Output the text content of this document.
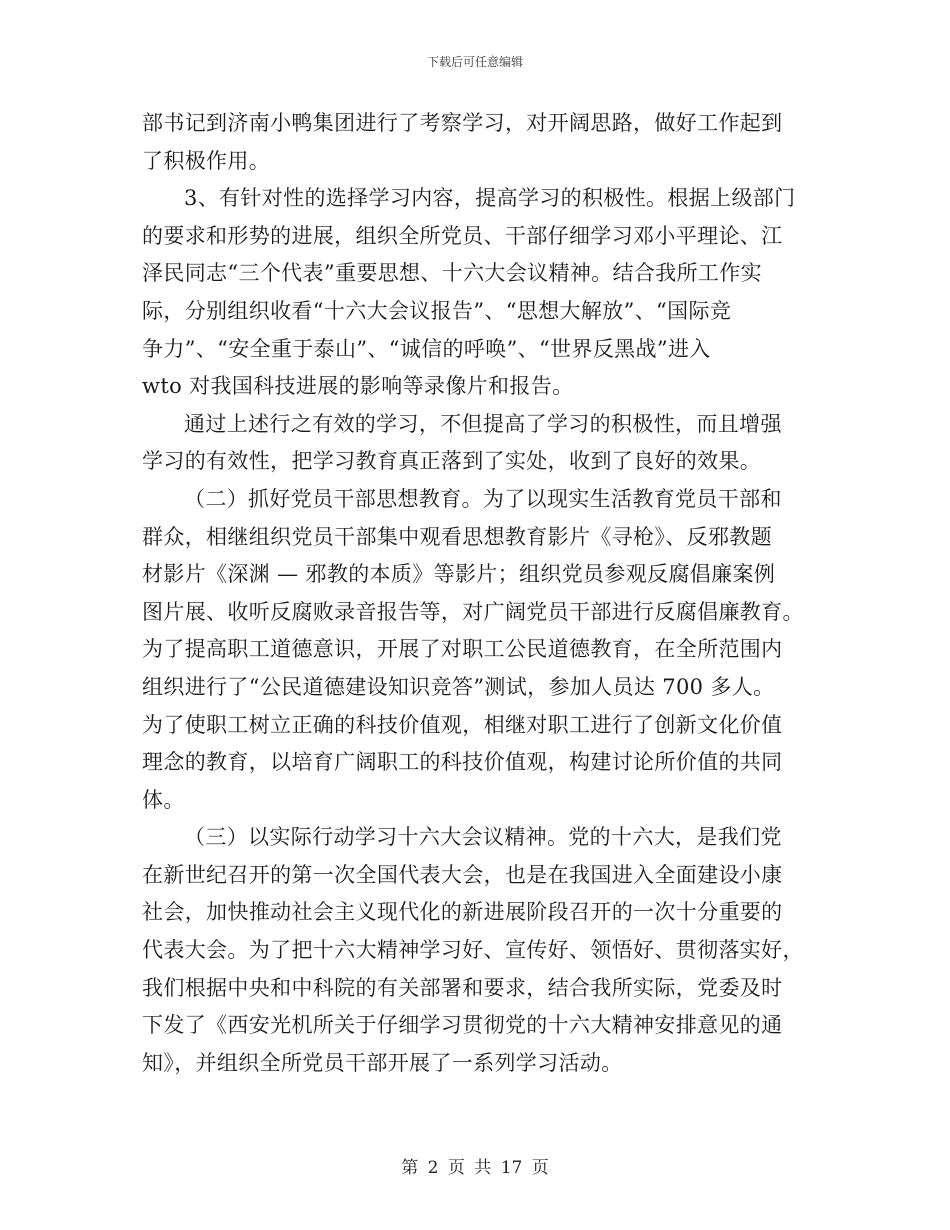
下载后可任意编辑
部书记到济南小鸭集团进行了考察学习，对开阔思路，做好工作起到
了积极作用。
3、有针对性的选择学习内容，提高学习的积极性。根据上级部门
的要求和形势的进展，组织全所党员、干部仔细学习邓小平理论、江
泽民同志“三个代表”重要思想、十六大会议精神。结合我所工作实
际，分别组织收看“十六大会议报告”、“思想大解放”、“国际竞
争力”、“安全重于泰山”、“诚信的呼唤”、“世界反黑战”进入
wto 对我国科技进展的影响等录像片和报告。
通过上述行之有效的学习，不但提高了学习的积极性，而且增强
学习的有效性，把学习教育真正落到了实处，收到了良好的效果。
（二）抓好党员干部思想教育。为了以现实生活教育党员干部和
群众，相继组织党员干部集中观看思想教育影片《寻枪》、反邪教题
材影片《深渊 — 邪教的本质》等影片；组织党员参观反腐倡廉案例
图片展、收听反腐败录音报告等，对广阔党员干部进行反腐倡廉教育。
为了提高职工道德意识，开展了对职工公民道德教育，在全所范围内
组织进行了“公民道德建设知识竞答”测试，参加人员达 700 多人。
为了使职工树立正确的科技价值观，相继对职工进行了创新文化价值
理念的教育，以培育广阔职工的科技价值观，构建讨论所价值的共同
体。
（三）以实际行动学习十六大会议精神。党的十六大，是我们党
在新世纪召开的第一次全国代表大会，也是在我国进入全面建设小康
社会，加快推动社会主义现代化的新进展阶段召开的一次十分重要的
代表大会。为了把十六大精神学习好、宣传好、领悟好、贯彻落实好，
我们根据中央和中科院的有关部署和要求，结合我所实际，党委及时
下发了《西安光机所关于仔细学习贯彻党的十六大精神安排意见的通
知》，并组织全所党员干部开展了一系列学习活动。
第 2 页 共 17 页
